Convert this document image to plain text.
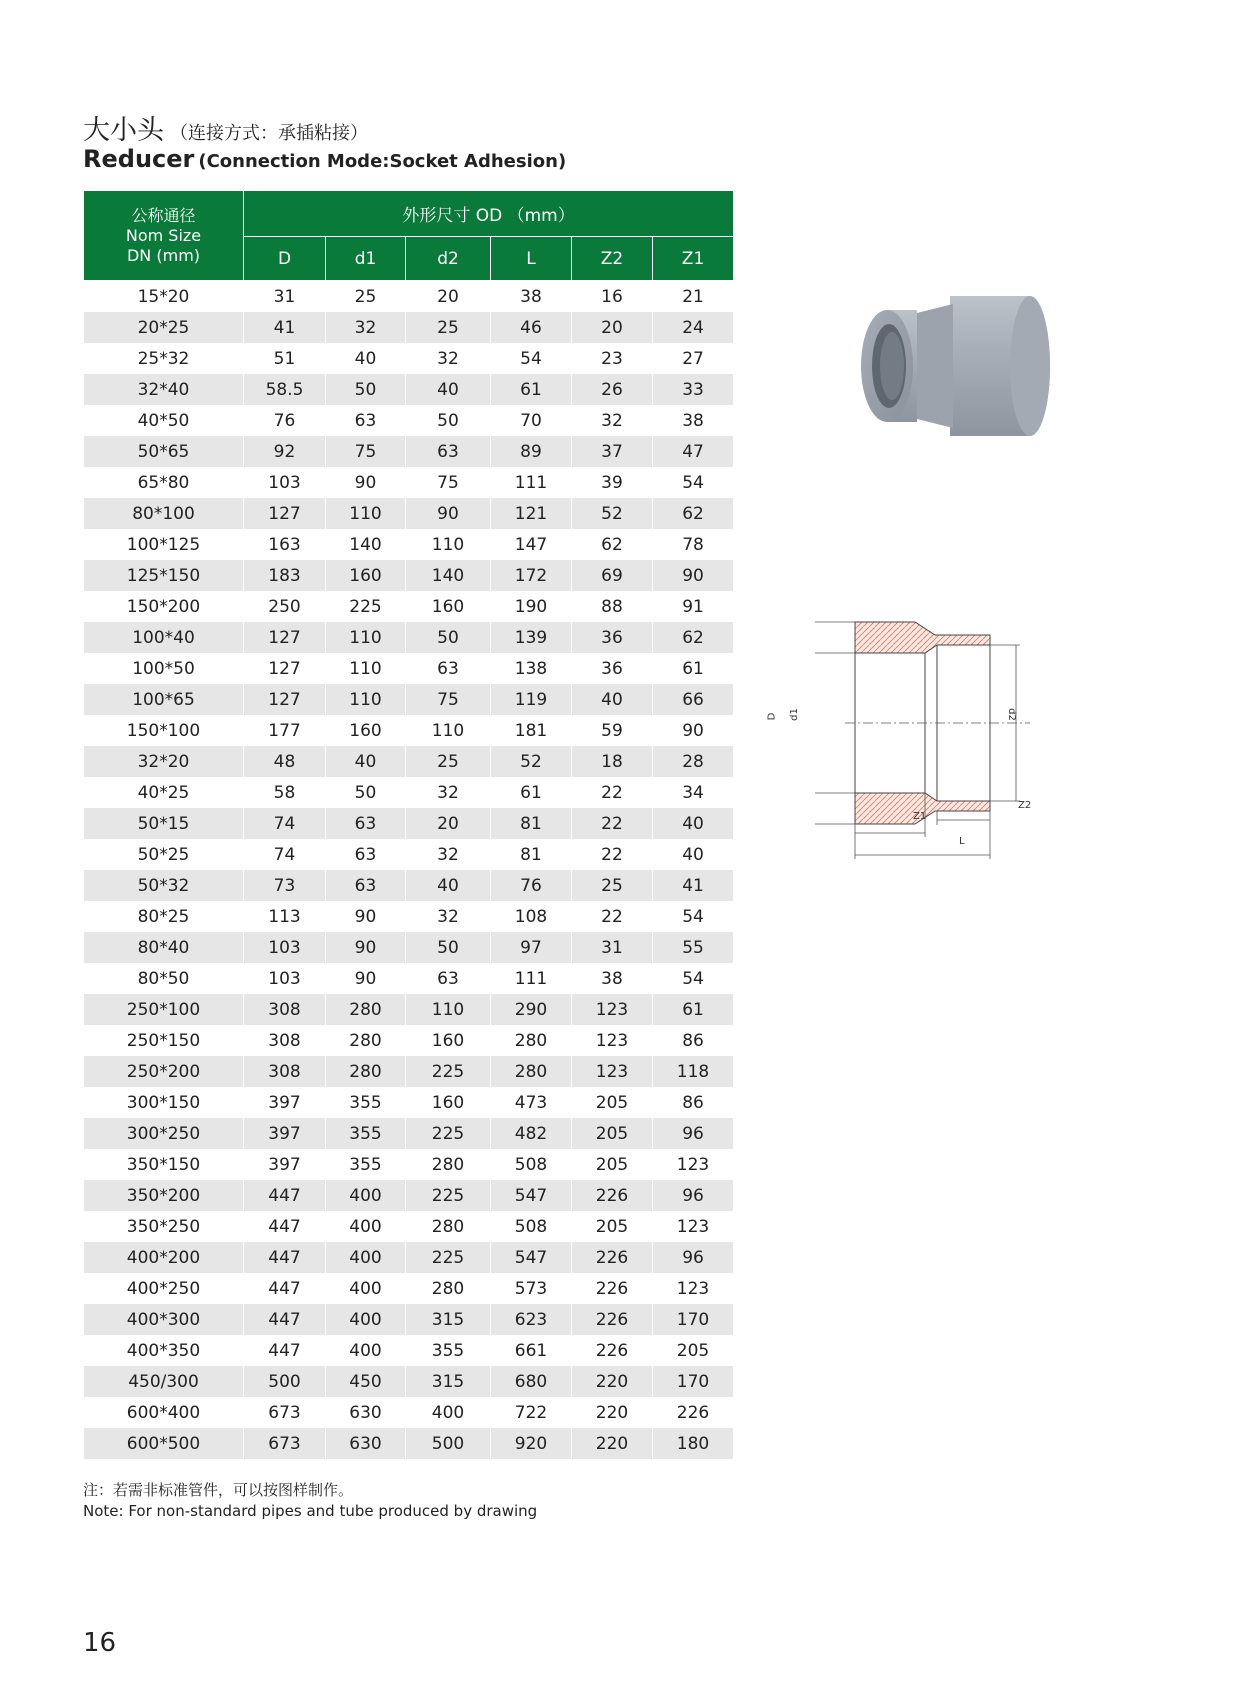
大小头 （连接方式：承插粘接）
Reducer (Connection Mode:Socket Adhesion)
公称通径
Nom Size
DN (mm)	外形尺寸 OD （mm）					
	D	d1	d2	L	Z2	Z1
15*20	31	25	20	38	16	21
20*25	41	32	25	46	20	24
25*32	51	40	32	54	23	27
32*40	58.5	50	40	61	26	33
40*50	76	63	50	70	32	38
50*65	92	75	63	89	37	47
65*80	103	90	75	111	39	54
80*100	127	110	90	121	52	62
100*125	163	140	110	147	62	78
125*150	183	160	140	172	69	90
150*200	250	225	160	190	88	91
100*40	127	110	50	139	36	62
100*50	127	110	63	138	36	61
100*65	127	110	75	119	40	66
150*100	177	160	110	181	59	90
32*20	48	40	25	52	18	28
40*25	58	50	32	61	22	34
50*15	74	63	20	81	22	40
50*25	74	63	32	81	22	40
50*32	73	63	40	76	25	41
80*25	113	90	32	108	22	54
80*40	103	90	50	97	31	55
80*50	103	90	63	111	38	54
250*100	308	280	110	290	123	61
250*150	308	280	160	280	123	86
250*200	308	280	225	280	123	118
300*150	397	355	160	473	205	86
300*250	397	355	225	482	205	96
350*150	397	355	280	508	205	123
350*200	447	400	225	547	226	96
350*250	447	400	280	508	205	123
400*200	447	400	225	547	226	96
400*250	447	400	280	573	226	123
400*300	447	400	315	623	226	170
400*350	447	400	355	661	226	205
450/300	500	450	315	680	220	170
600*400	673	630	400	722	220	226
600*500	673	630	500	920	220	180
D d1	d2
Z1
Z2
L
注：若需非标准管件，可以按图样制作。
Note: For non-standard pipes and tube produced by drawing
16
